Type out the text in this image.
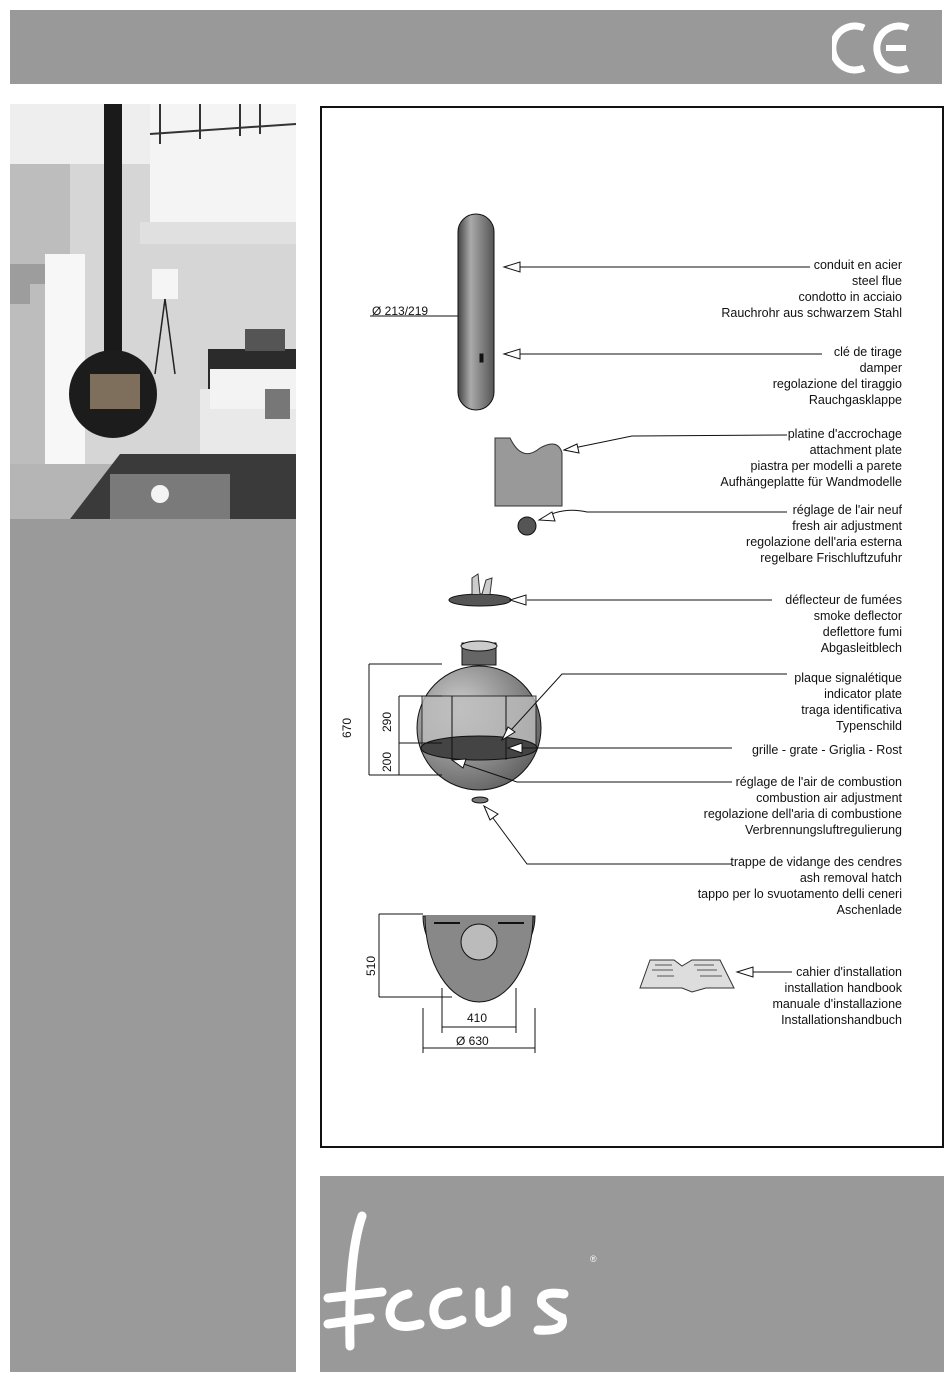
Ø 213/219
670 290
200
510
410
Ø 630
conduit en acier
steel flue
condotto in acciaio
Rauchrohr aus schwarzem Stahl
clé de tirage
damper
regolazione del tiraggio
Rauchgasklappe
platine d'accrochage
attachment plate
piastra per modelli a parete
Aufhängeplatte für Wandmodelle
réglage de l'air neuf
fresh air adjustment
regolazione dell'aria esterna
regelbare Frischluftzufuhr
déflecteur de fumées
smoke deflector
deflettore fumi
Abgasleitblech
plaque signalétique
indicator plate
traga identificativa
Typenschild
grille - grate - Griglia - Rost
réglage de l'air de combustion
combustion air adjustment
regolazione dell'aria di combustione
Verbrennungsluftregulierung
trappe de vidange des cendres
ash removal hatch
tappo per lo svuotamento delli ceneri
Aschenlade
cahier d'installation
installation handbook
manuale d'installazione
Installationshandbuch
®
